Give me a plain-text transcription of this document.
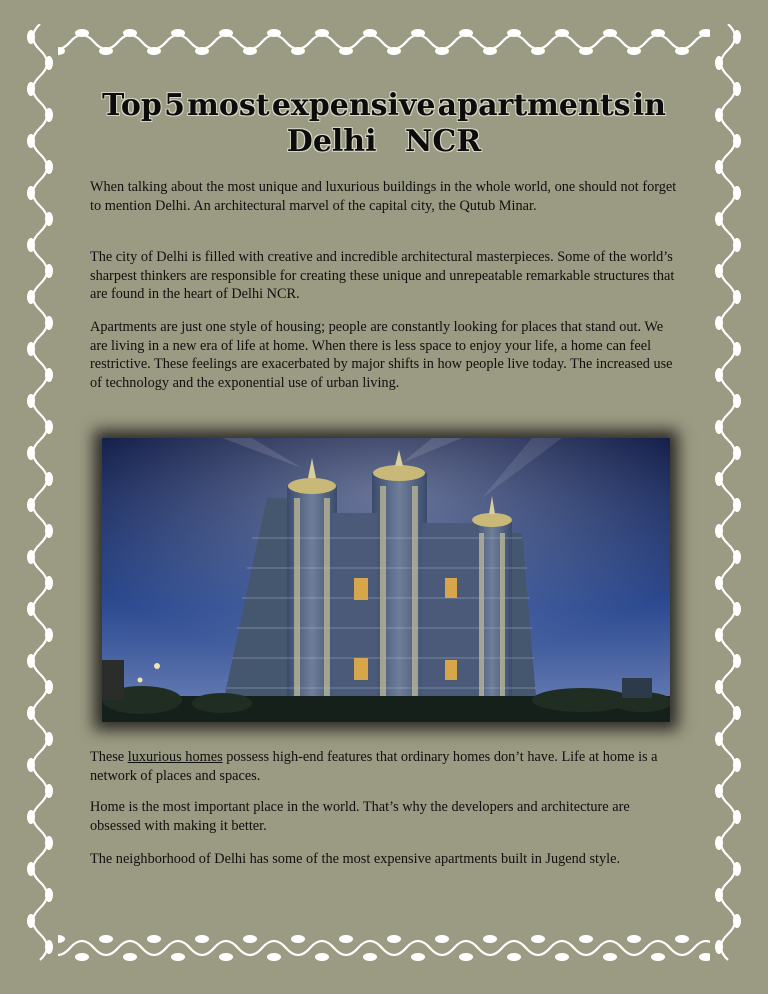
Top 5 most expensive apartments in
Delhi NCR

When talking about the most unique and luxurious buildings in the whole world, one should not forget to mention Delhi. An architectural marvel of the capital city, the Qutub Minar.

The city of Delhi is filled with creative and incredible architectural masterpieces. Some of the world’s sharpest thinkers are responsible for creating these unique and unrepeatable remarkable structures that are found in the heart of Delhi NCR.

Apartments are just one style of housing; people are constantly looking for places that stand out. We are living in a new era of life at home. When there is less space to enjoy your life, a home can feel restrictive. These feelings are exacerbated by major shifts in how people live today. The increased use of technology and the exponential use of urban living.

These luxurious homes possess high-end features that ordinary homes don’t have. Life at home is a network of places and spaces.

Home is the most important place in the world. That’s why the developers and architecture are obsessed with making it better.

The neighborhood of Delhi has some of the most expensive apartments built in Jugend style.
